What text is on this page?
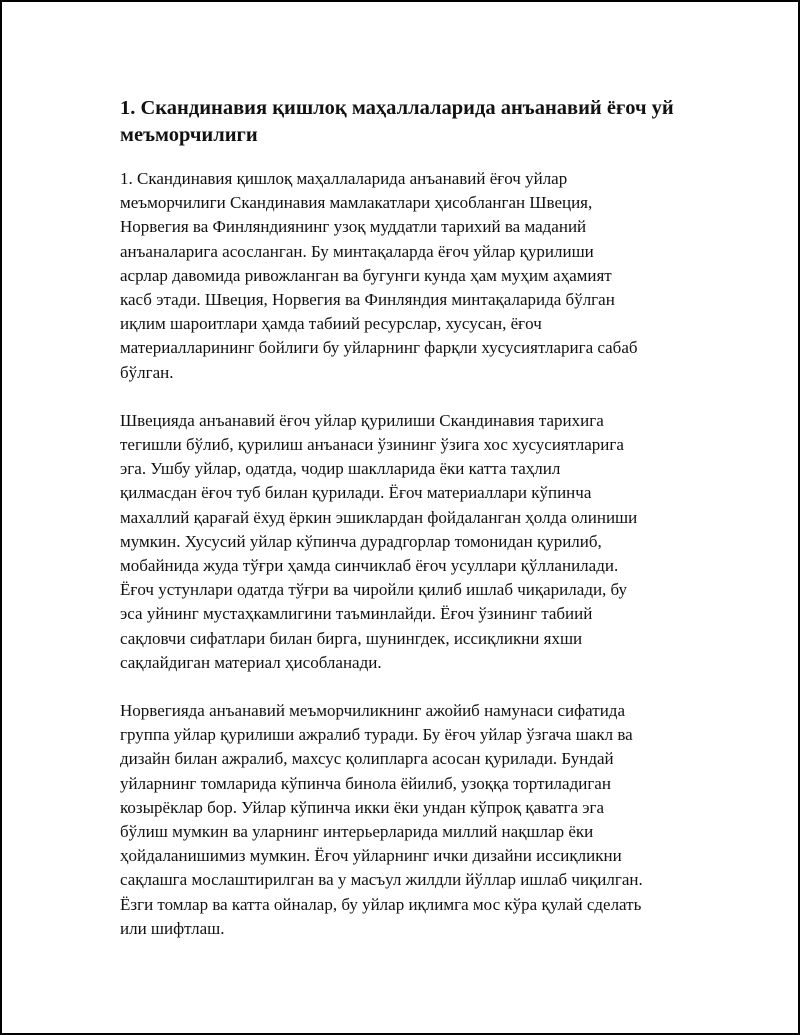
1. Скандинавия қишлоқ маҳаллаларида анъанавий ёғоч уй меъморчилиги

1. Скандинавия қишлоқ маҳаллаларида анъанавий ёғоч уйлар
меъморчилиги Скандинавия мамлакатлари ҳисобланган Швеция,
Норвегия ва Финляндиянинг узоқ муддатли тарихий ва маданий
анъаналарига асосланган. Бу минтақаларда ёғоч уйлар қурилиши
асрлар давомида ривожланган ва бугунги кунда ҳам муҳим аҳамият
касб этади. Швеция, Норвегия ва Финляндия минтақаларида бўлган
иқлим шароитлари ҳамда табиий ресурслар, хусусан, ёғоч
материалларининг бойлиги бу уйларнинг фарқли хусусиятларига сабаб
бўлган.

Швецияда анъанавий ёғоч уйлар қурилиши Скандинавия тарихига
тегишли бўлиб, қурилиш анъанаси ўзининг ўзига хос хусусиятларига
эга. Ушбу уйлар, одатда, чодир шаклларида ёки катта таҳлил
қилмасдан ёғоч туб билан қурилади. Ёғоч материаллари кўпинча
махаллий қарағай ёхуд ёркин эшиклардан фойдаланган ҳолда олиниши
мумкин. Хусусий уйлар кўпинча дурадгорлар томонидан қурилиб,
мобайнида жуда тўғри ҳамда синчиклаб ёғоч усуллари қўлланилади.
Ёғоч устунлари одатда тўғри ва чиройли қилиб ишлаб чиқарилади, бу
эса уйнинг мустаҳкамлигини таъминлайди. Ёғоч ўзининг табиий
сақловчи сифатлари билан бирга, шунингдек, иссиқликни яхши
сақлайдиган материал ҳисобланади.

Норвегияда анъанавий меъморчиликнинг ажойиб намунаси сифатида
группа уйлар қурилиши ажралиб туради. Бу ёғоч уйлар ўзгача шакл ва
дизайн билан ажралиб, махсус қолипларга асосан қурилади. Бундай
уйларнинг томларида кўпинча бинола ёйилиб, узоққа тортиладиган
козырёклар бор. Уйлар кўпинча икки ёки ундан кўпроқ қаватга эга
бўлиш мумкин ва уларнинг интерьерларида миллий нақшлар ёки
ҳойдаланишимиз мумкин. Ёғоч уйларнинг ички дизайни иссиқликни
сақлашга мослаштирилган ва у масъул жилдли йўллар ишлаб чиқилган.
Ёзги томлар ва катта ойналар, бу уйлар иқлимга мос кўра қулай сделать
или шифтлаш.
